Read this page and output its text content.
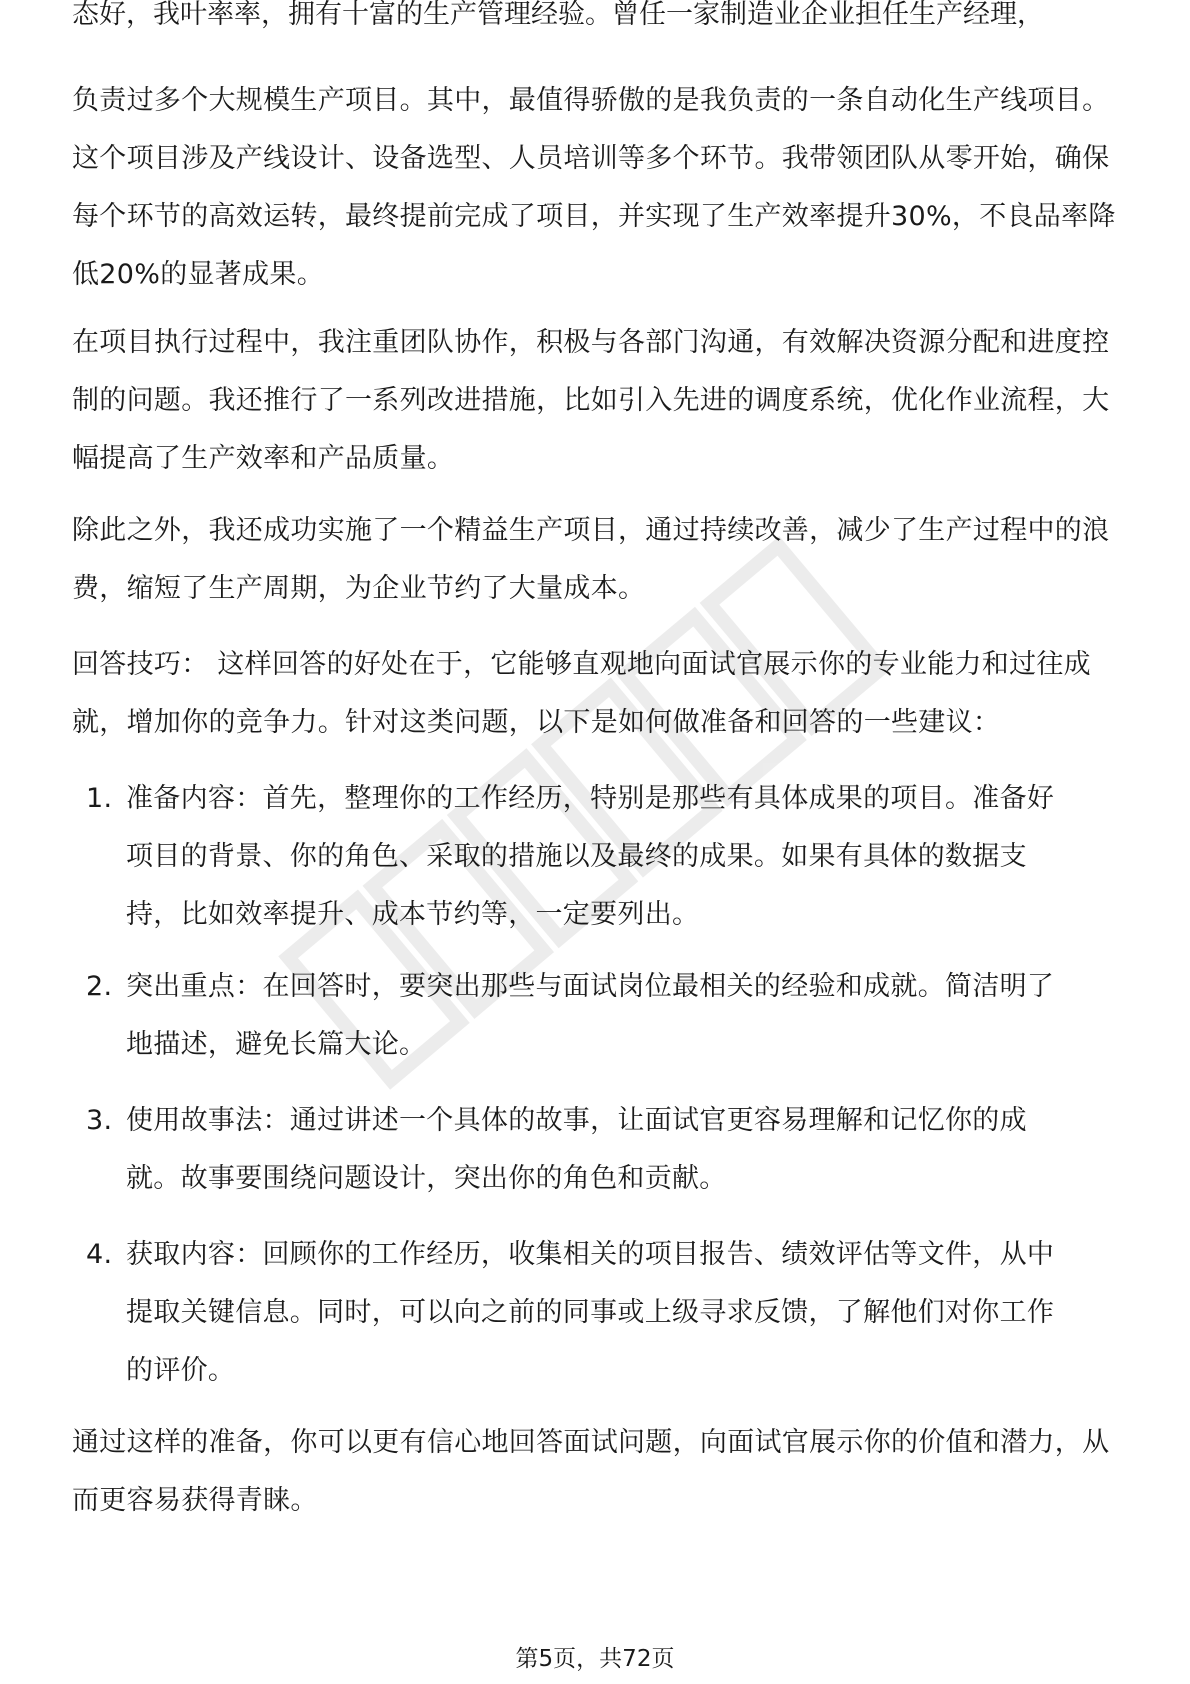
态好，我叶率率，拥有十富的生产管理经验。曾任一家制造业企业担任生产经理，

负责过多个大规模生产项目。其中，最值得骄傲的是我负责的一条自动化生产线项目。这个项目涉及产线设计、设备选型、人员培训等多个环节。我带领团队从零开始，确保每个环节的高效运转，最终提前完成了项目，并实现了生产效率提升30%，不良品率降低20%的显著成果。

在项目执行过程中，我注重团队协作，积极与各部门沟通，有效解决资源分配和进度控制的问题。我还推行了一系列改进措施，比如引入先进的调度系统，优化作业流程，大幅提高了生产效率和产品质量。

除此之外，我还成功实施了一个精益生产项目，通过持续改善，减少了生产过程中的浪费，缩短了生产周期，为企业节约了大量成本。

回答技巧： 这样回答的好处在于，它能够直观地向面试官展示你的专业能力和过往成就，增加你的竞争力。针对这类问题，以下是如何做准备和回答的一些建议：

1. 准备内容：首先，整理你的工作经历，特别是那些有具体成果的项目。准备好项目的背景、你的角色、采取的措施以及最终的成果。如果有具体的数据支持，比如效率提升、成本节约等，一定要列出。
2. 突出重点：在回答时，要突出那些与面试岗位最相关的经验和成就。简洁明了地描述，避免长篇大论。
3. 使用故事法：通过讲述一个具体的故事，让面试官更容易理解和记忆你的成就。故事要围绕问题设计，突出你的角色和贡献。
4. 获取内容：回顾你的工作经历，收集相关的项目报告、绩效评估等文件，从中提取关键信息。同时，可以向之前的同事或上级寻求反馈，了解他们对你工作的评价。

通过这样的准备，你可以更有信心地回答面试问题，向面试官展示你的价值和潜力，从而更容易获得青睐。

第5页，共72页
